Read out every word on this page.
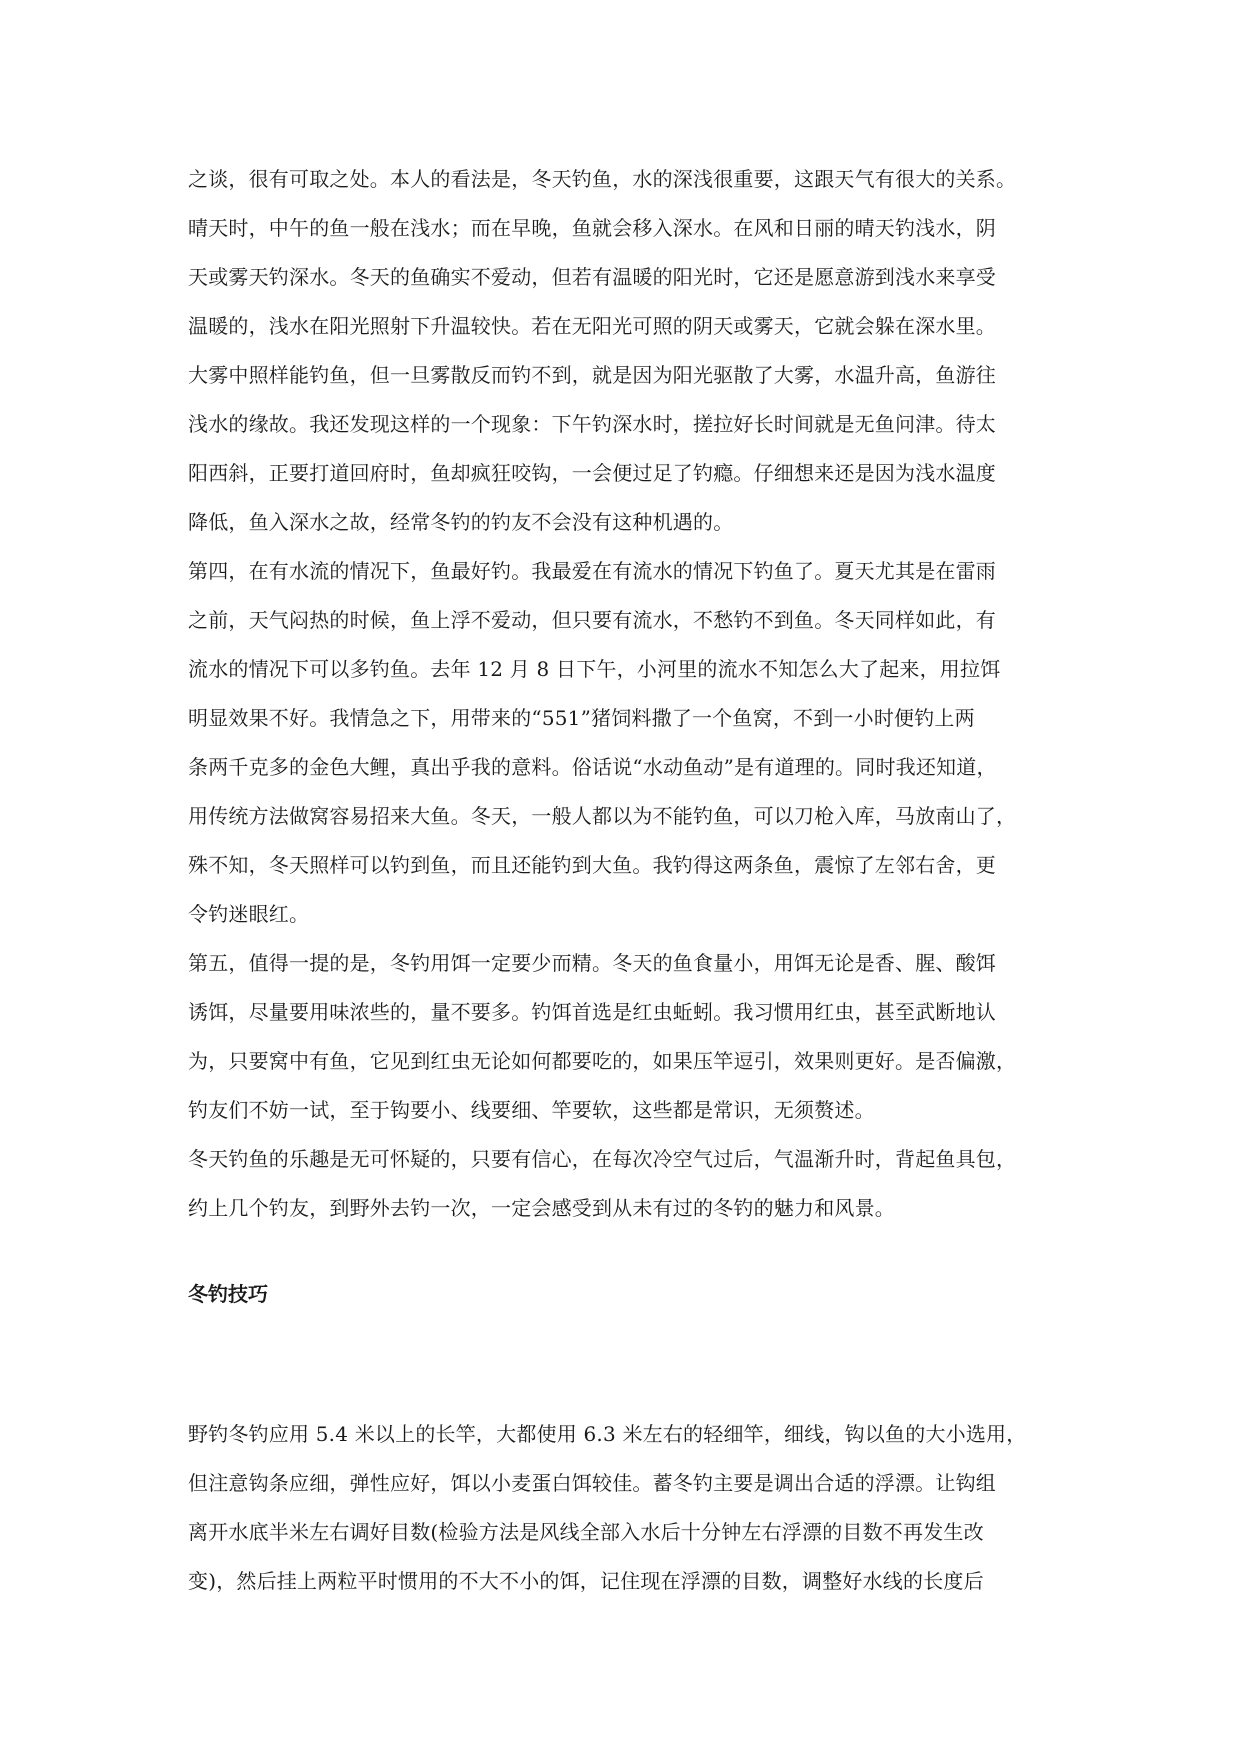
之谈，很有可取之处。本人的看法是，冬天钓鱼，水的深浅很重要，这跟天气有很大的关系。
晴天时，中午的鱼一般在浅水；而在早晚，鱼就会移入深水。在风和日丽的晴天钓浅水，阴
天或雾天钓深水。冬天的鱼确实不爱动，但若有温暖的阳光时，它还是愿意游到浅水来享受
温暖的，浅水在阳光照射下升温较快。若在无阳光可照的阴天或雾天，它就会躲在深水里。
大雾中照样能钓鱼，但一旦雾散反而钓不到，就是因为阳光驱散了大雾，水温升高，鱼游往
浅水的缘故。我还发现这样的一个现象：下午钓深水时，搓拉好长时间就是无鱼问津。待太
阳西斜，正要打道回府时，鱼却疯狂咬钩，一会便过足了钓瘾。仔细想来还是因为浅水温度
降低，鱼入深水之故，经常冬钓的钓友不会没有这种机遇的。
第四，在有水流的情况下，鱼最好钓。我最爱在有流水的情况下钓鱼了。夏天尤其是在雷雨
之前，天气闷热的时候，鱼上浮不爱动，但只要有流水，不愁钓不到鱼。冬天同样如此，有
流水的情况下可以多钓鱼。去年 12 月 8 日下午，小河里的流水不知怎么大了起来，用拉饵
明显效果不好。我情急之下，用带来的“551”猪饲料撒了一个鱼窝，不到一小时便钓上两
条两千克多的金色大鲤，真出乎我的意料。俗话说“水动鱼动”是有道理的。同时我还知道，
用传统方法做窝容易招来大鱼。冬天，一般人都以为不能钓鱼，可以刀枪入库，马放南山了，
殊不知，冬天照样可以钓到鱼，而且还能钓到大鱼。我钓得这两条鱼，震惊了左邻右舍，更
令钓迷眼红。
第五，值得一提的是，冬钓用饵一定要少而精。冬天的鱼食量小，用饵无论是香、腥、酸饵
诱饵，尽量要用味浓些的，量不要多。钓饵首选是红虫蚯蚓。我习惯用红虫，甚至武断地认
为，只要窝中有鱼，它见到红虫无论如何都要吃的，如果压竿逗引，效果则更好。是否偏激，
钓友们不妨一试，至于钩要小、线要细、竿要软，这些都是常识，无须赘述。
冬天钓鱼的乐趣是无可怀疑的，只要有信心，在每次冷空气过后，气温渐升时，背起鱼具包，
约上几个钓友，到野外去钓一次，一定会感受到从未有过的冬钓的魅力和风景。
冬钓技巧
野钓冬钓应用 5.4 米以上的长竿，大都使用 6.3 米左右的轻细竿，细线，钩以鱼的大小选用，
但注意钩条应细，弹性应好，饵以小麦蛋白饵较佳。蓄冬钓主要是调出合适的浮漂。让钩组
离开水底半米左右调好目数(检验方法是风线全部入水后十分钟左右浮漂的目数不再发生改
变)，然后挂上两粒平时惯用的不大不小的饵，记住现在浮漂的目数，调整好水线的长度后
